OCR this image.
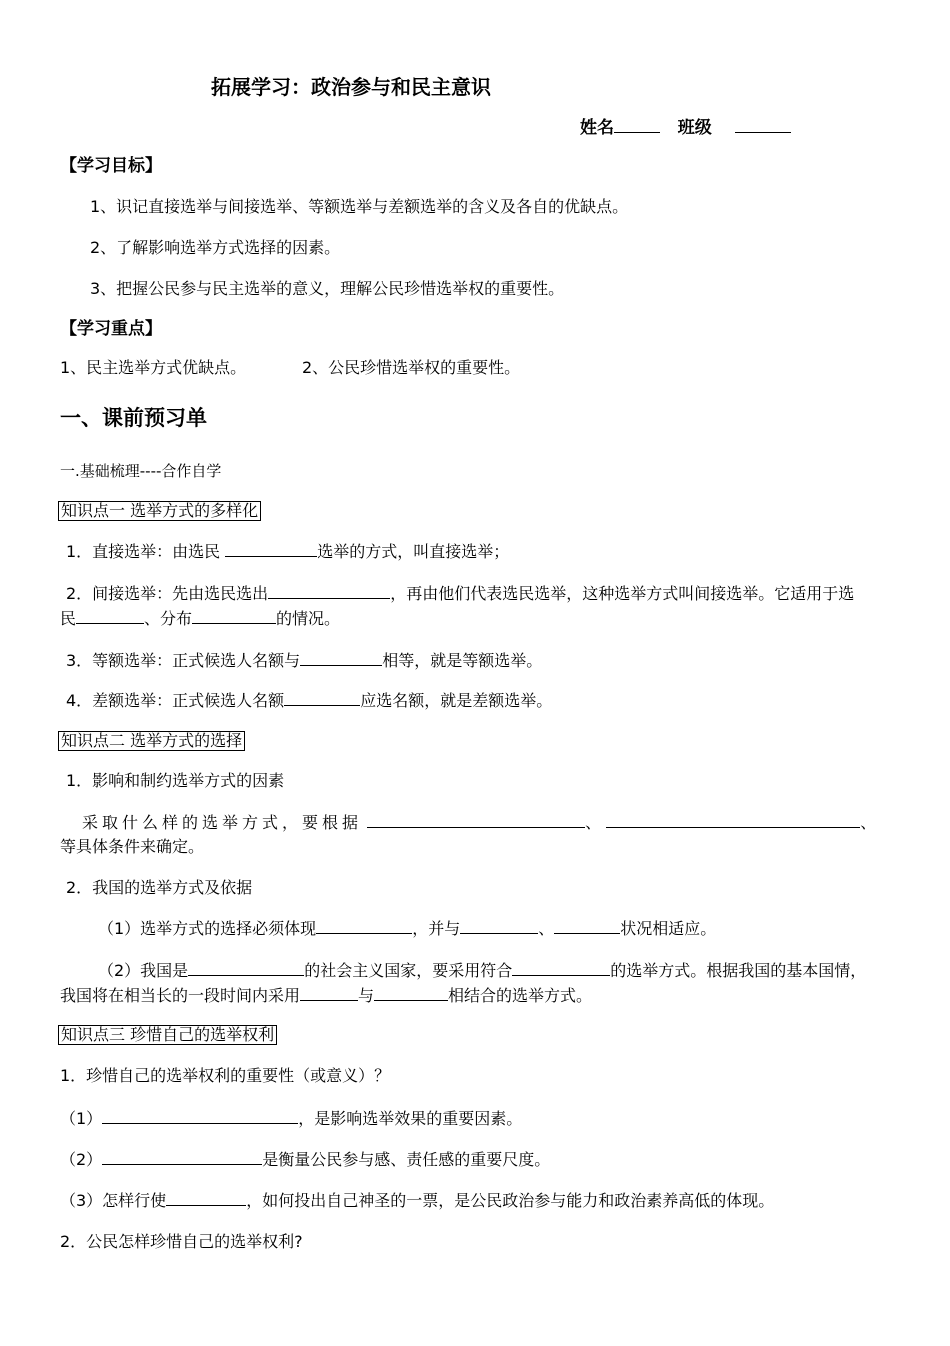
拓展学习：政治参与和民主意识
姓名	班级
【学习目标】
1、识记直接选举与间接选举、等额选举与差额选举的含义及各自的优缺点。
2、了解影响选举方式选择的因素。
3、把握公民参与民主选举的意义，理解公民珍惜选举权的重要性。
【学习重点】
1、民主选举方式优缺点。	2、公民珍惜选举权的重要性。
一、课前预习单
一.基础梳理----合作自学
知识点一 选举方式的多样化
1．直接选举：由选民	选举的方式，叫直接选举；
2．间接选举：先由选民选出	，再由他们代表选民选举，这种选举方式叫间接选举。它适用于选
民	、分布	的情况。
3．等额选举：正式候选人名额与	相等，就是等额选举。
4．差额选举：正式候选人名额	应选名额，就是差额选举。
知识点二 选举方式的选择
1．影响和制约选举方式的因素
采取什么样的选举方式，要根据	、	、
等具体条件来确定。
2．我国的选举方式及依据
（1）选举方式的选择必须体现	，并与	、	状况相适应。
（2）我国是	的社会主义国家，要采用符合	的选举方式。根据我国的基本国情，
我国将在相当长的一段时间内采用	与	相结合的选举方式。
知识点三 珍惜自己的选举权利
1．珍惜自己的选举权利的重要性（或意义）？
（1）	，是影响选举效果的重要因素。
（2）	是衡量公民参与感、责任感的重要尺度。
（3）怎样行使	，如何投出自己神圣的一票，是公民政治参与能力和政治素养高低的体现。
2．公民怎样珍惜自己的选举权利?
